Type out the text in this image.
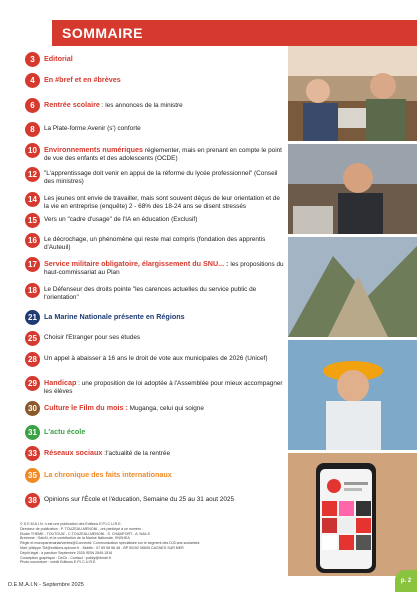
SOMMAIRE
3	Editorial
4	En #bref et en #brèves
6	Rentrée scolaire : les annonces de la ministre
8	La Plate-forme Avenir (s') conforte
10 Environnements numériques réglementer, mais en prenant en compte le point de vue des enfants et des adolescents (OCDE)
12	"L'apprentissage doit venir en appui de la réforme du lycée professionnel" (Conseil des ministres)
14	Les jeunes ont envie de travailler, mais sont souvent déçus de leur orientation et de la vie en entreprise (enquête) 2 - 68% des 18-24 ans se disent stressés
15	Vers un "cadre d'usage" de l'IA en éducation (Exclusif)
16	Le décrochage, un phénomène qui reste mal compris (fondation des apprentis d'Auteuil)
17 Service militaire obligatoire, élargissement du SNU... : les propositions du haut-commissariat au Plan
18	Le Défenseur des droits pointe "les carences actuelles du service public de l'orientation"
21 La Marine Nationale présente en Régions
25	Choisir l'Etranger pour ses études
28	Un appel à abaisser à 16 ans le droit de vote aux municipales de 2026 (Unicef)
29 Handicap : une proposition de loi adoptée à l'Assemblée pour mieux accompagner les élèves
30 Culture le Film du mois : Muganga, celui qui soigne
31 L'actu école
33 Réseaux sociaux :l'actualité de la rentrée
35 La chronique des faits internationaux
38	Opinions sur l'École et l'éducation, Semaine du 25 au 31 aout 2025
© D.E.M.A.I.N. n est une publication des Editions E.P.I.C.U.R.E.
Directeur de publication : P. TOUZEAU-MENONI - ont participé à ce numéro :
Elodie THEME - TOUTOUIZ - C.TOUZEAU-MENONI - S. CHAMFORT - A. NAILS
Bretonne : GalvN, et la contribution de la Marine Nationale, l'INSHEA
Régie et monopartenariat/ventes@Connectd: Communication spécialisée sur le segment des DJ3 ans scolarisés
Mail: philippe.TM@editions-epicure.fr - Mobile : 07 89 98 56 48 - BP 50152 06605 CAGNES SUR MER
Dépôt légal : à parution Septembre 2025 ISSN 2849-1516
Conception graphique : DeCk - Contact : pubby@dmail.fr
Photo couverture : crédit Editions E.P.I.C.U.R.E.
D.E.M.A.I.N - Septembre 2025
p. 2
